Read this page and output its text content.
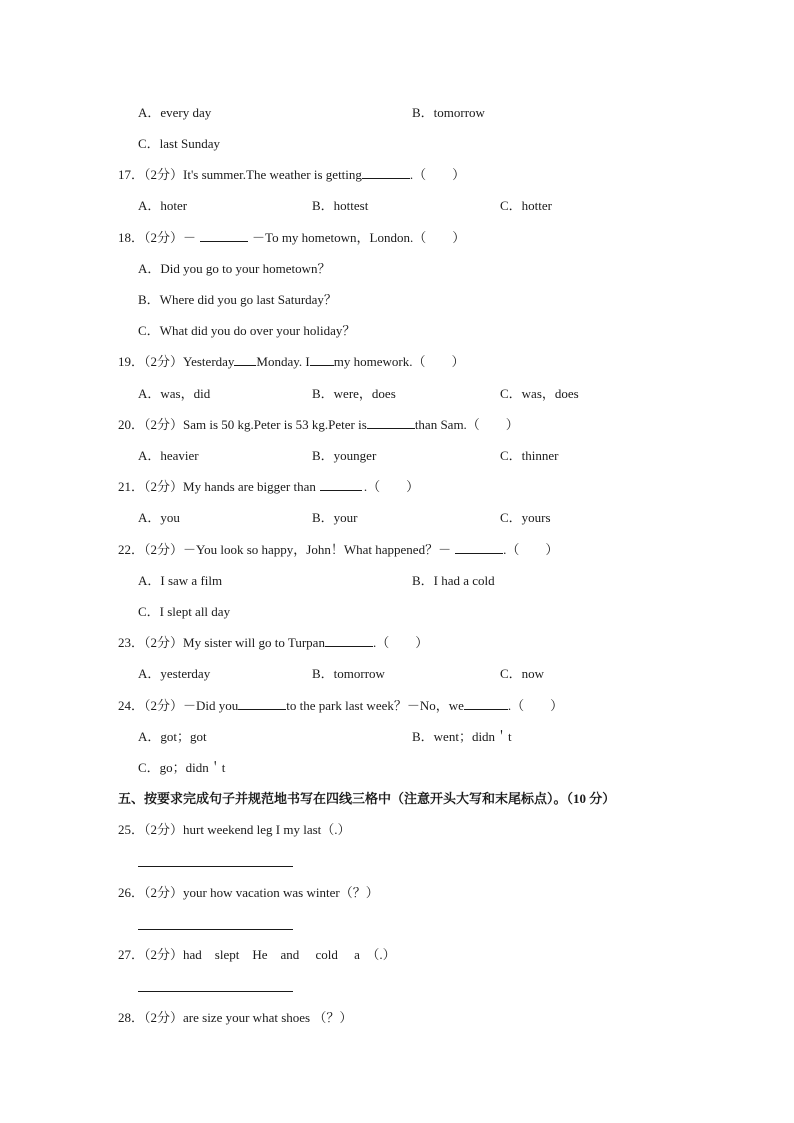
A．every day	B．tomorrow
C．last Sunday
17．（2分）It's summer.The weather is getting	.（　　）
A．hoter	B．hottest	C．hotter
18．（2分）－	－To my hometown，London.（　　）
A．Did you go to your hometown？
B．Where did you go last Saturday？
C．What did you do over your holiday？
19．（2分）Yesterday Monday. I my homework.（　　）
A．was，did	B．were，does	C．was，does
20．（2分）Sam is 50 kg.Peter is 53 kg.Peter is	than Sam.（　　）
A．heavier	B．younger	C．thinner
21．（2分）My hands are bigger than	.（　　）
A．you	B．your	C．yours
22．（2分）－You look so happy，John！What happened？－	.（　　）
A．I saw a film	B．I had a cold
C．I slept all day
23．（2分）My sister will go to Turpan	.（　　）
A．yesterday	B．tomorrow	C．now
24．（2分）－Did you	to the park last week？－No，we	.（　　）
A．got；got	B．went；didn＇t
C．go；didn＇t
五、按要求完成句子并规范地书写在四线三格中（注意开头大写和末尾标点）。（10 分）
25．（2分）hurt weekend leg I my last（.）
26．（2分）your how vacation was winter（？）
27．（2分）had　slept　He　and　 cold　 a　（.）
28．（2分）are size your what shoes （？）
